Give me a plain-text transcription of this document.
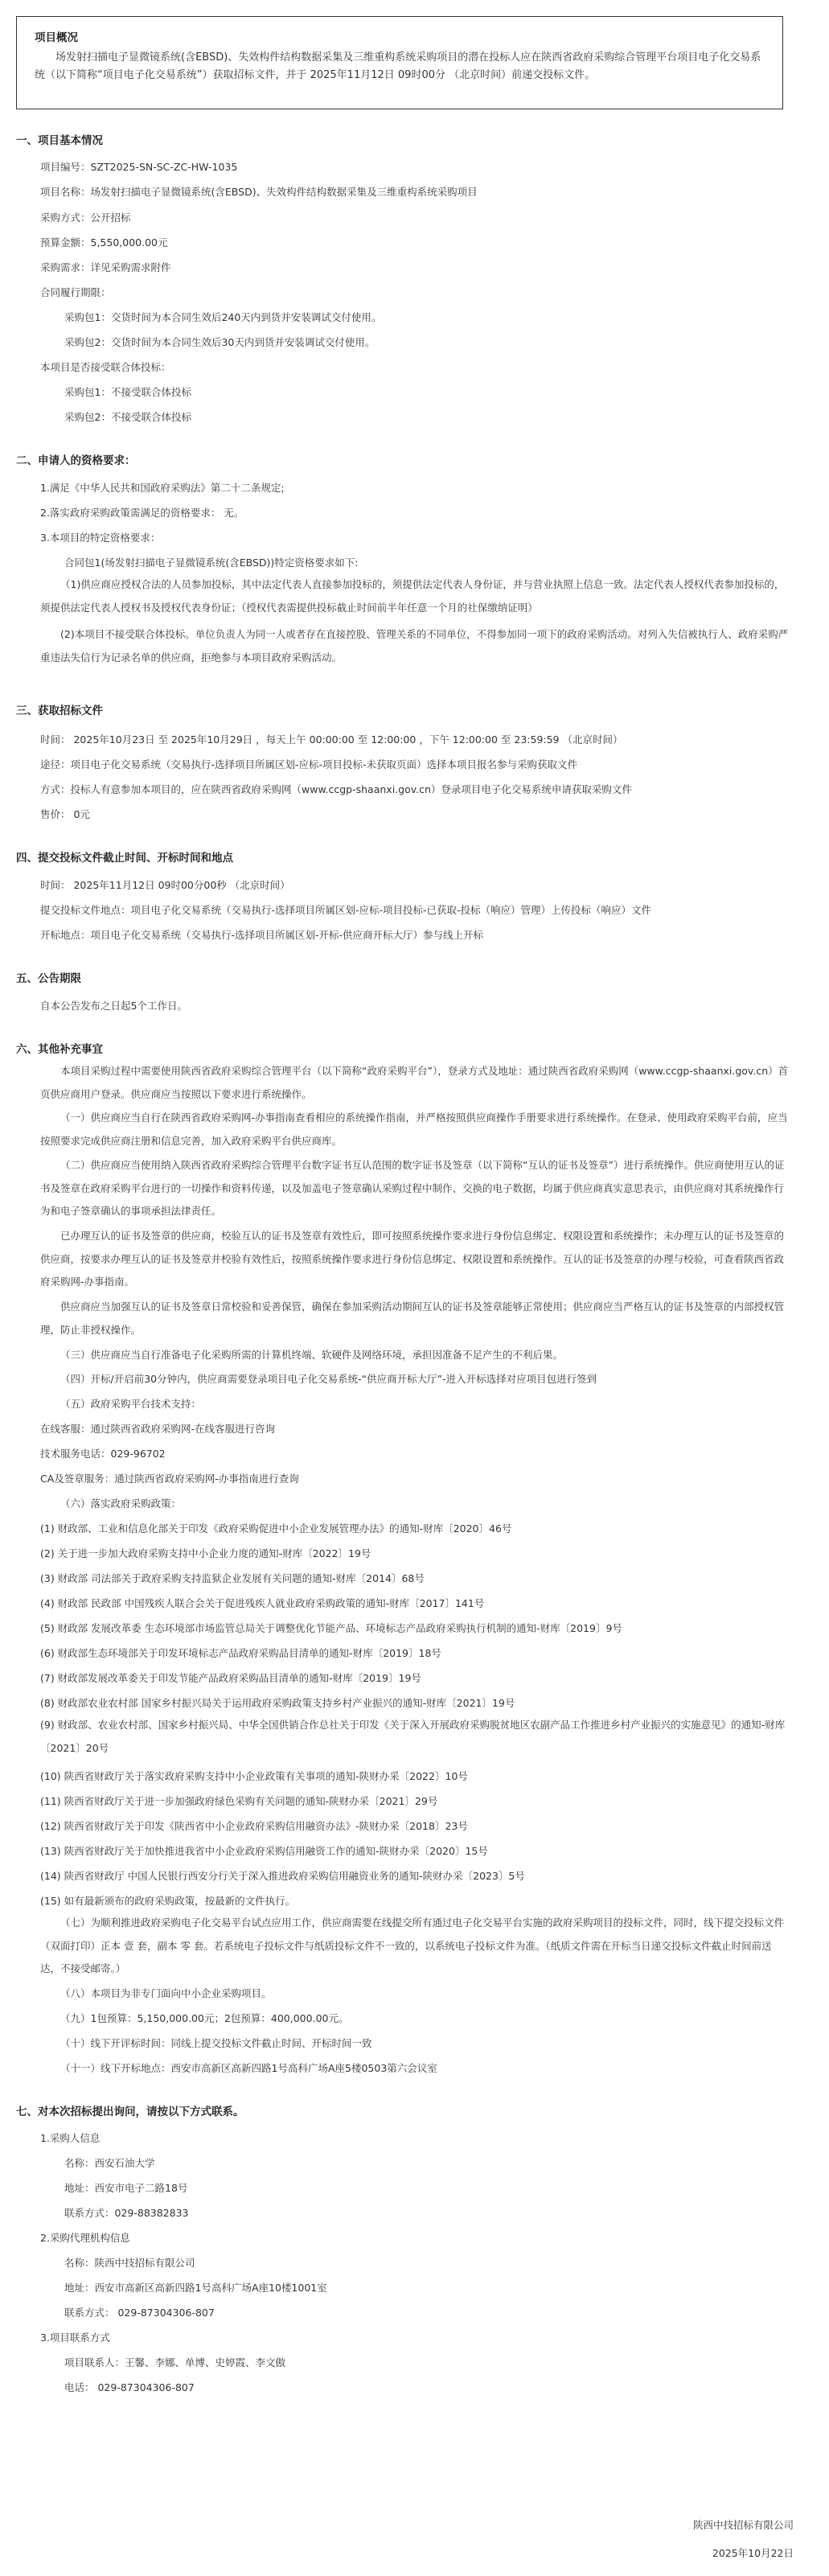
项目概况
场发射扫描电子显微镜系统(含EBSD)、失效构件结构数据采集及三维重构系统采购项目的潜在投标人应在陕西省政府采购综合管理平台项目电子化交易系统（以下简称“项目电子化交易系统”）获取招标文件，并于 2025年11月12日 09时00分 （北京时间）前递交投标文件。
一、项目基本情况
项目编号：SZT2025-SN-SC-ZC-HW-1035
项目名称：场发射扫描电子显微镜系统(含EBSD)、失效构件结构数据采集及三维重构系统采购项目
采购方式：公开招标
预算金额：5,550,000.00元
采购需求：详见采购需求附件
合同履行期限：
采购包1：交货时间为本合同生效后240天内到货并安装调试交付使用。
采购包2：交货时间为本合同生效后30天内到货并安装调试交付使用。
本项目是否接受联合体投标：
采购包1：不接受联合体投标
采购包2：不接受联合体投标
二、申请人的资格要求：
1.满足《中华人民共和国政府采购法》第二十二条规定;
2.落实政府采购政策需满足的资格要求： 无。
3.本项目的特定资格要求：
合同包1(场发射扫描电子显微镜系统(含EBSD))特定资格要求如下:
（1)供应商应授权合法的人员参加投标，其中法定代表人直接参加投标的，须提供法定代表人身份证，并与营业执照上信息一致。法定代表人授权代表参加投标的，须提供法定代表人授权书及授权代表身份证；（授权代表需提供投标截止时间前半年任意一个月的社保缴纳证明）
(2)本项目不接受联合体投标。单位负责人为同一人或者存在直接控股、管理关系的不同单位，不得参加同一项下的政府采购活动。对列入失信被执行人、政府采购严重违法失信行为记录名单的供应商，拒绝参与本项目政府采购活动。
三、获取招标文件
时间： 2025年10月23日 至 2025年10月29日 ，每天上午 00:00:00 至 12:00:00 ，下午 12:00:00 至 23:59:59 （北京时间）
途径：项目电子化交易系统（交易执行-选择项目所属区划-应标-项目投标-未获取页面）选择本项目报名参与采购获取文件
方式：投标人有意参加本项目的，应在陕西省政府采购网（www.ccgp-shaanxi.gov.cn）登录项目电子化交易系统申请获取采购文件
售价： 0元
四、提交投标文件截止时间、开标时间和地点
时间： 2025年11月12日 09时00分00秒 （北京时间）
提交投标文件地点：项目电子化交易系统（交易执行-选择项目所属区划-应标-项目投标-已获取-投标（响应）管理）上传投标（响应）文件
开标地点：项目电子化交易系统（交易执行-选择项目所属区划-开标-供应商开标大厅）参与线上开标
五、公告期限
自本公告发布之日起5个工作日。
六、其他补充事宜
本项目采购过程中需要使用陕西省政府采购综合管理平台（以下简称“政府采购平台”），登录方式及地址：通过陕西省政府采购网（www.ccgp-shaanxi.gov.cn）首页供应商用户登录。供应商应当按照以下要求进行系统操作。
（一）供应商应当自行在陕西省政府采购网-办事指南查看相应的系统操作指南，并严格按照供应商操作手册要求进行系统操作。在登录、使用政府采购平台前，应当按照要求完成供应商注册和信息完善，加入政府采购平台供应商库。
（二）供应商应当使用纳入陕西省政府采购综合管理平台数字证书互认范围的数字证书及签章（以下简称“互认的证书及签章”）进行系统操作。供应商使用互认的证书及签章在政府采购平台进行的一切操作和资料传递，以及加盖电子签章确认采购过程中制作、交换的电子数据，均属于供应商真实意思表示，由供应商对其系统操作行为和电子签章确认的事项承担法律责任。
已办理互认的证书及签章的供应商，校验互认的证书及签章有效性后，即可按照系统操作要求进行身份信息绑定、权限设置和系统操作；未办理互认的证书及签章的供应商，按要求办理互认的证书及签章并校验有效性后，按照系统操作要求进行身份信息绑定、权限设置和系统操作。互认的证书及签章的办理与校验，可查看陕西省政府采购网-办事指南。
供应商应当加强互认的证书及签章日常校验和妥善保管，确保在参加采购活动期间互认的证书及签章能够正常使用；供应商应当严格互认的证书及签章的内部授权管理，防止非授权操作。
（三）供应商应当自行准备电子化采购所需的计算机终端、软硬件及网络环境，承担因准备不足产生的不利后果。
（四）开标/开启前30分钟内，供应商需要登录项目电子化交易系统-“供应商开标大厅”-进入开标选择对应项目包进行签到
（五）政府采购平台技术支持：
在线客服：通过陕西省政府采购网-在线客服进行咨询
技术服务电话：029-96702
CA及签章服务：通过陕西省政府采购网-办事指南进行查询
（六）落实政府采购政策：
(1) 财政部、工业和信息化部关于印发《政府采购促进中小企业发展管理办法》的通知-财库〔2020〕46号
(2) 关于进一步加大政府采购支持中小企业力度的通知-财库〔2022〕19号
(3) 财政部 司法部关于政府采购支持监狱企业发展有关问题的通知-财库〔2014〕68号
(4) 财政部 民政部 中国残疾人联合会关于促进残疾人就业政府采购政策的通知-财库〔2017〕141号
(5) 财政部 发展改革委 生态环境部市场监管总局关于调整优化节能产品、环境标志产品政府采购执行机制的通知-财库〔2019〕9号
(6) 财政部生态环境部关于印发环境标志产品政府采购品目清单的通知-财库〔2019〕18号
(7) 财政部发展改革委关于印发节能产品政府采购品目清单的通知-财库〔2019〕19号
(8) 财政部农业农村部 国家乡村振兴局关于运用政府采购政策支持乡村产业振兴的通知-财库〔2021〕19号
(9) 财政部、农业农村部、国家乡村振兴局、中华全国供销合作总社关于印发《关于深入开展政府采购脱贫地区农副产品工作推进乡村产业振兴的实施意见》的通知-财库〔2021〕20号
(10) 陕西省财政厅关于落实政府采购支持中小企业政策有关事项的通知-陕财办采〔2022〕10号
(11) 陕西省财政厅关于进一步加强政府绿色采购有关问题的通知-陕财办采〔2021〕29号
(12) 陕西省财政厅关于印发《陕西省中小企业政府采购信用融资办法》-陕财办采〔2018〕23号
(13) 陕西省财政厅关于加快推进我省中小企业政府采购信用融资工作的通知-陕财办采〔2020〕15号
(14) 陕西省财政厅 中国人民银行西安分行关于深入推进政府采购信用融资业务的通知-陕财办采〔2023〕5号
(15) 如有最新颁布的政府采购政策，按最新的文件执行。
（七）为顺利推进政府采购电子化交易平台试点应用工作，供应商需要在线提交所有通过电子化交易平台实施的政府采购项目的投标文件，同时，线下提交投标文件（双面打印）正本 壹 套，副本 零 套。若系统电子投标文件与纸质投标文件不一致的，以系统电子投标文件为准。（纸质文件需在开标当日递交投标文件截止时间前送达，不接受邮寄。）
（八）本项目为非专门面向中小企业采购项目。
（九）1包预算：5,150,000.00元；2包预算：400,000.00元。
（十）线下开评标时间：同线上提交投标文件截止时间、开标时间一致
（十一）线下开标地点：西安市高新区高新四路1号高科广场A座5楼0503第六会议室
七、对本次招标提出询问，请按以下方式联系。
1.采购人信息
名称：西安石油大学
地址：西安市电子二路18号
联系方式：029-88382833
2.采购代理机构信息
名称：陕西中技招标有限公司
地址：西安市高新区高新四路1号高科广场A座10楼1001室
联系方式： 029-87304306-807
3.项目联系方式
项目联系人：王馨、李娜、单博、史婷霞、李文傲
电话： 029-87304306-807
陕西中技招标有限公司
2025年10月22日
